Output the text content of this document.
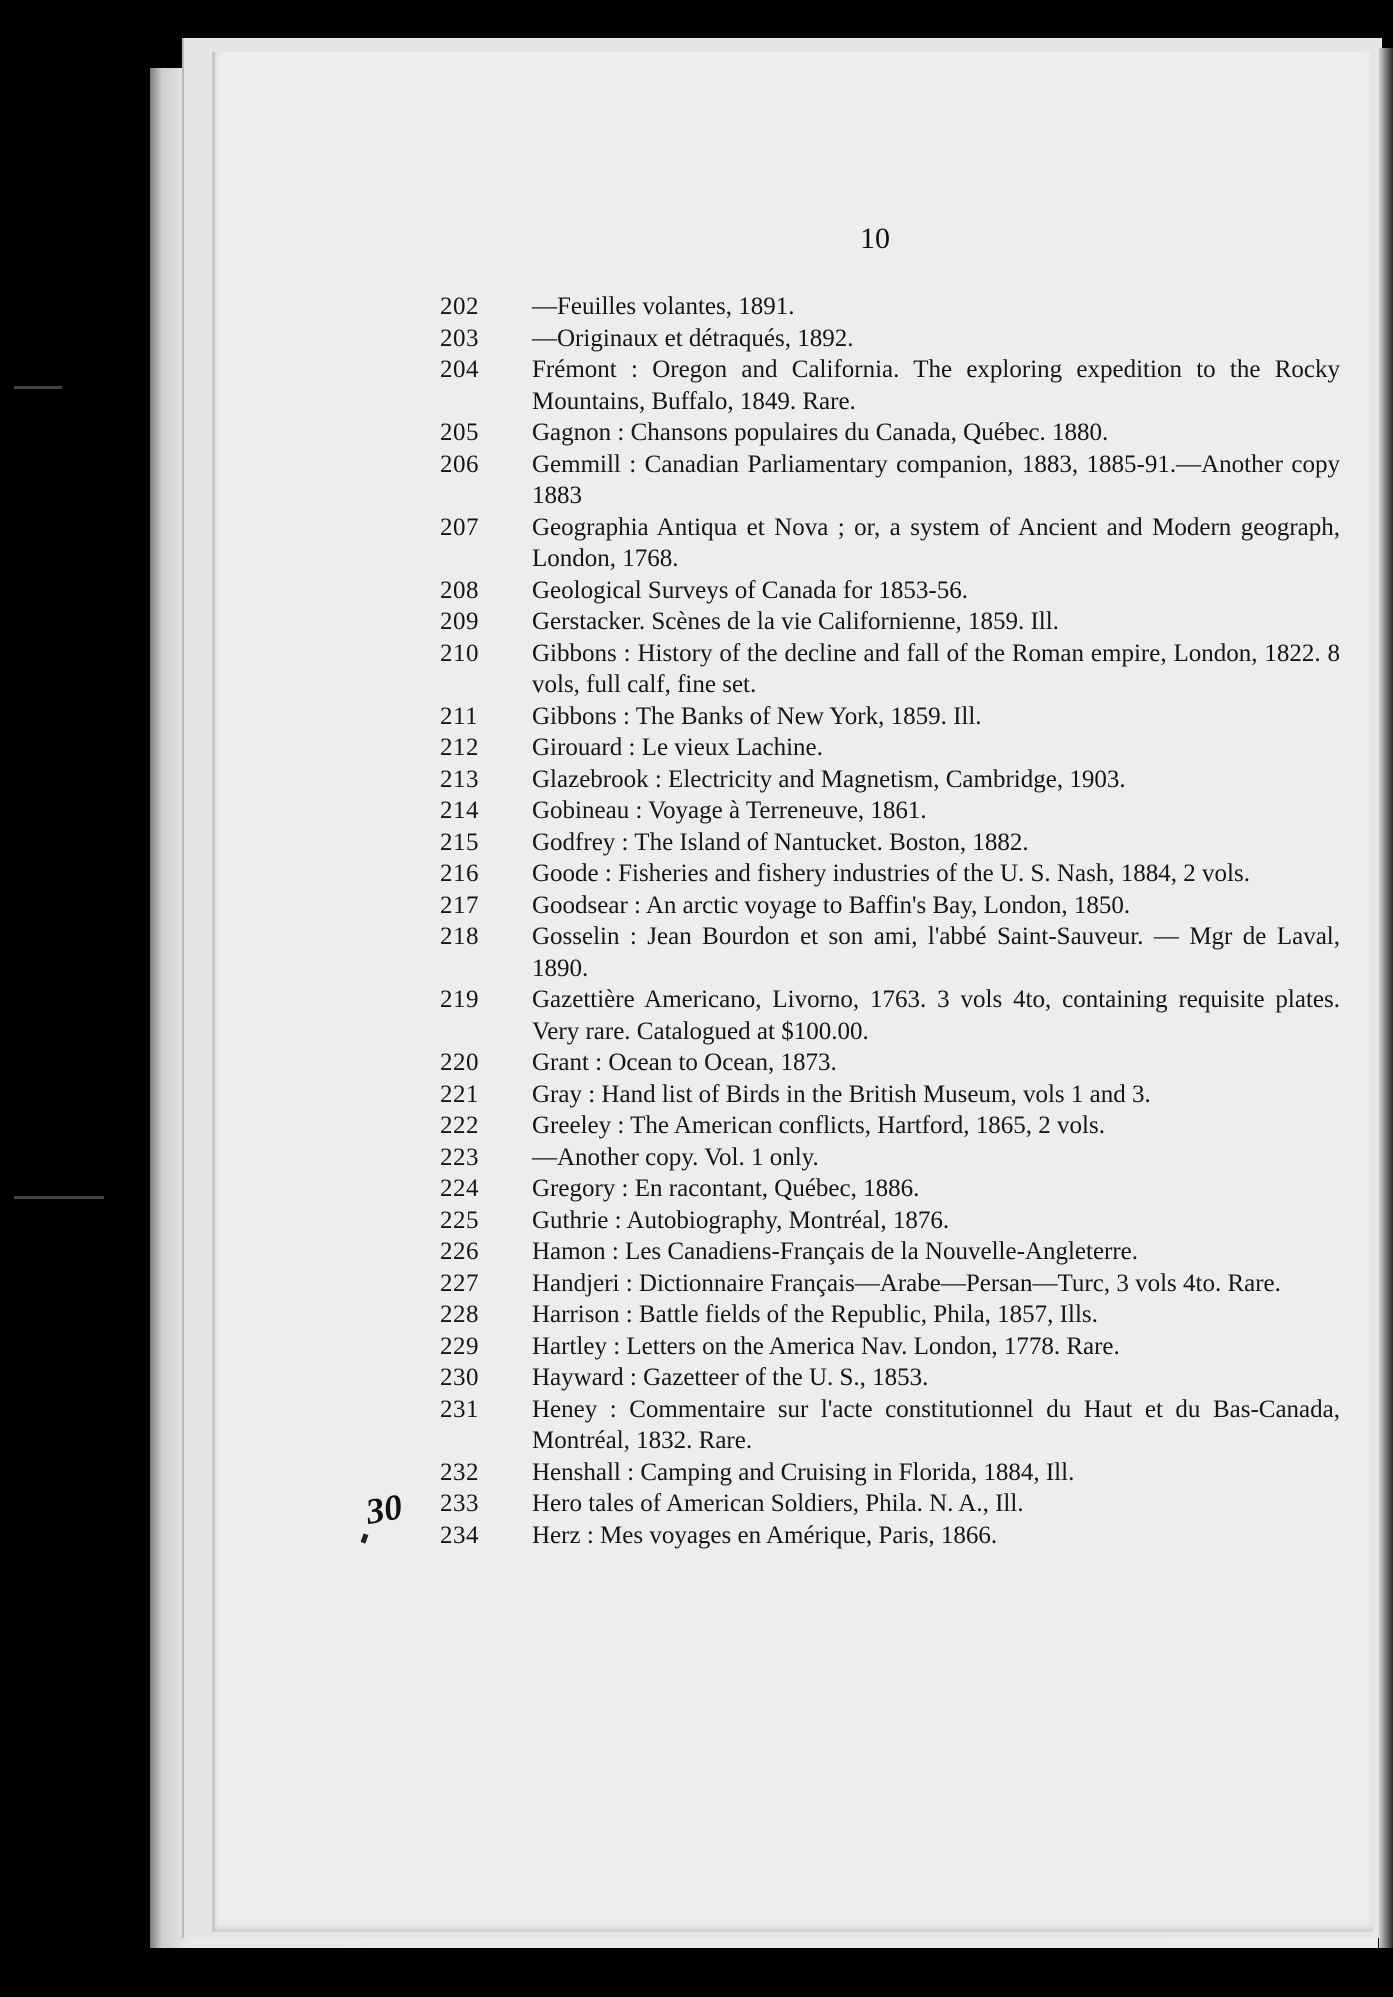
10
30
202	—Feuilles volantes, 1891.
203	—Originaux et détraqués, 1892.
204	Frémont : Oregon and California. The exploring expedition to the Rocky Mountains, Buffalo, 1849. Rare.
205	Gagnon : Chansons populaires du Canada, Québec. 1880.
206	Gemmill : Canadian Parliamentary companion, 1883, 1885-91.—Another copy 1883
207	Geographia Antiqua et Nova ; or, a system of Ancient and Modern geograph, London, 1768.
208	Geological Surveys of Canada for 1853-56.
209	Gerstacker. Scènes de la vie Californienne, 1859. Ill.
210	Gibbons : History of the decline and fall of the Roman empire, London, 1822. 8 vols, full calf, fine set.
211	Gibbons : The Banks of New York, 1859. Ill.
212	Girouard : Le vieux Lachine.
213	Glazebrook : Electricity and Magnetism, Cambridge, 1903.
214	Gobineau : Voyage à Terreneuve, 1861.
215	Godfrey : The Island of Nantucket. Boston, 1882.
216	Goode : Fisheries and fishery industries of the U. S. Nash, 1884, 2 vols.
217	Goodsear : An arctic voyage to Baffin's Bay, London, 1850.
218	Gosselin : Jean Bourdon et son ami, l'abbé Saint-Sauveur. — Mgr de Laval, 1890.
219	Gazettière Americano, Livorno, 1763. 3 vols 4to, containing requisite plates. Very rare. Catalogued at $100.00.
220	Grant : Ocean to Ocean, 1873.
221	Gray : Hand list of Birds in the British Museum, vols 1 and 3.
222	Greeley : The American conflicts, Hartford, 1865, 2 vols.
223	—Another copy. Vol. 1 only.
224	Gregory : En racontant, Québec, 1886.
225	Guthrie : Autobiography, Montréal, 1876.
226	Hamon : Les Canadiens-Français de la Nouvelle-Angleterre.
227	Handjeri : Dictionnaire Français—Arabe—Persan—Turc, 3 vols 4to. Rare.
228	Harrison : Battle fields of the Republic, Phila, 1857, Ills.
229	Hartley : Letters on the America Nav. London, 1778. Rare.
230	Hayward : Gazetteer of the U. S., 1853.
231	Heney : Commentaire sur l'acte constitutionnel du Haut et du Bas-Canada, Montréal, 1832. Rare.
232	Henshall : Camping and Cruising in Florida, 1884, Ill.
233	Hero tales of American Soldiers, Phila. N. A., Ill.
234	Herz : Mes voyages en Amérique, Paris, 1866.
